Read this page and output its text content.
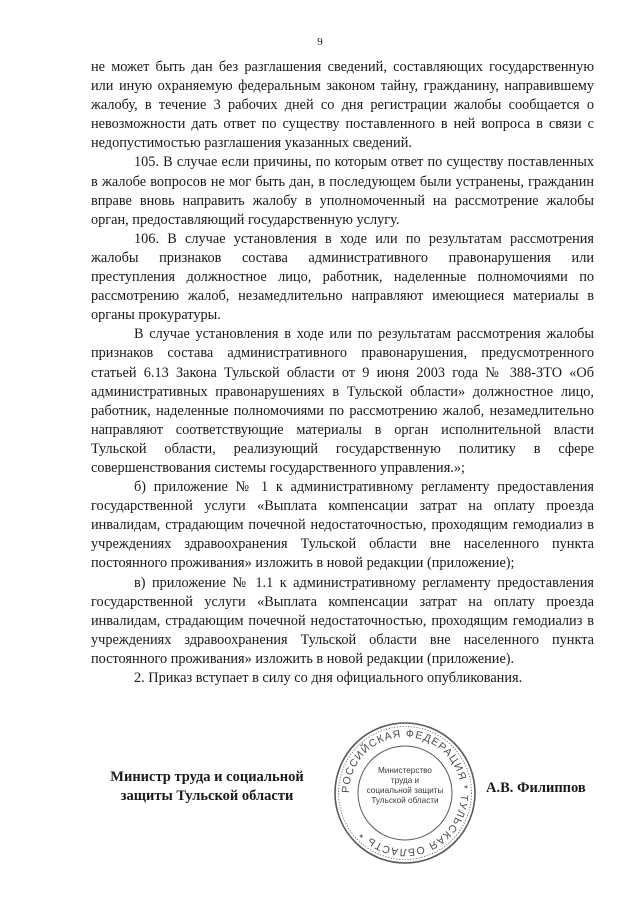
9

не может быть дан без разглашения сведений, составляющих государственную или иную охраняемую федеральным законом тайну, гражданину, направившему жалобу, в течение 3 рабочих дней со дня регистрации жалобы сообщается о невозможности дать ответ по существу поставленного в ней вопроса в связи с недопустимостью разглашения указанных сведений.

105. В случае если причины, по которым ответ по существу поставленных в жалобе вопросов не мог быть дан, в последующем были устранены, гражданин вправе вновь направить жалобу в уполномоченный на рассмотрение жалобы орган, предоставляющий государственную услугу.

106. В случае установления в ходе или по результатам рассмотрения жалобы признаков состава административного правонарушения или преступления должностное лицо, работник, наделенные полномочиями по рассмотрению жалоб, незамедлительно направляют имеющиеся материалы в органы прокуратуры.

В случае установления в ходе или по результатам рассмотрения жалобы признаков состава административного правонарушения, предусмотренного статьей 6.13 Закона Тульской области от 9 июня 2003 года № 388-ЗТО «Об административных правонарушениях в Тульской области» должностное лицо, работник, наделенные полномочиями по рассмотрению жалоб, незамедлительно направляют соответствующие материалы в орган исполнительной власти Тульской области, реализующий государственную политику в сфере совершенствования системы государственного управления.»;

б) приложение № 1 к административному регламенту предоставления государственной услуги «Выплата компенсации затрат на оплату проезда инвалидам, страдающим почечной недостаточностью, проходящим гемодиализ в учреждениях здравоохранения Тульской области вне населенного пункта постоянного проживания» изложить в новой редакции (приложение);

в) приложение № 1.1 к административному регламенту предоставления государственной услуги «Выплата компенсации затрат на оплату проезда инвалидам, страдающим почечной недостаточностью, проходящим гемодиализ в учреждениях здравоохранения Тульской области вне населенного пункта постоянного проживания» изложить в новой редакции (приложение).

2. Приказ вступает в силу со дня официального опубликования.

Министр труда и социальной
защиты Тульской области	А.В. Филиппов
РОССИЙСКАЯ ФЕДЕРАЦИЯ * ТУЛЬСКАЯ ОБЛАСТЬ *
Министерство
труда и
социальной защиты
Тульской области
